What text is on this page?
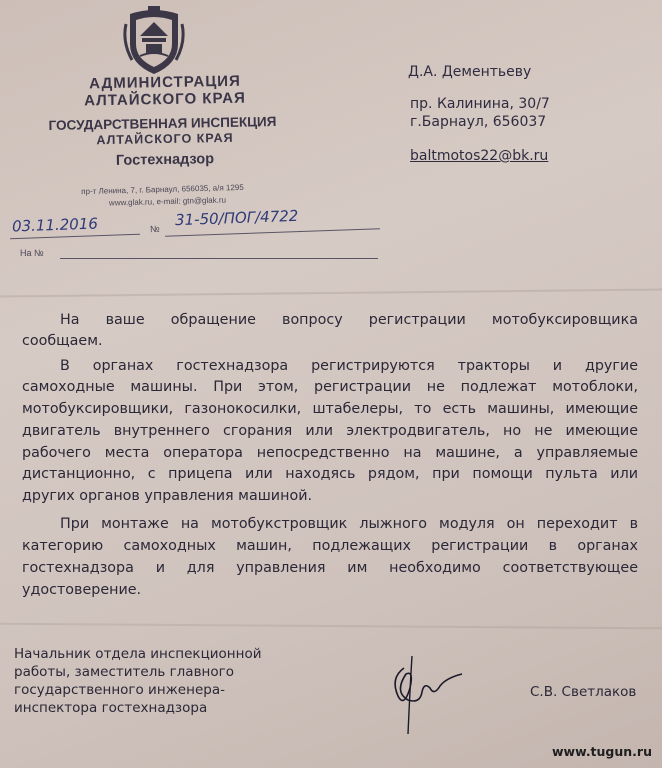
АДМИНИСТРАЦИЯ
АЛТАЙСКОГО КРАЯ
ГОСУДАРСТВЕННАЯ ИНСПЕКЦИЯ
АЛТАЙСКОГО КРАЯ
Гостехнадзор
пр-т Ленина, 7, г. Барнаул, 656035, а/я 1295
www.glak.ru, e-mail: gtn@glak.ru
03.11.2016	№ 31-50/ПОГ/4722
На №
Д.А. Дементьеву
пр. Калинина, 30/7
г.Барнаул, 656037
baltmotos22@bk.ru
На ваше обращение вопросу регистрации мотобуксировщика
сообщаем.
В органах гостехнадзора регистрируются тракторы и другие
самоходные машины. При этом, регистрации не подлежат мотоблоки,
мотобуксировщики, газонокосилки, штабелеры, то есть машины, имеющие
двигатель внутреннего сгорания или электродвигатель, но не имеющие
рабочего места оператора непосредственно на машине, а управляемые
дистанционно, с прицепа или находясь рядом, при помощи пульта или
других органов управления машиной.
При монтаже на мотобукстровщик лыжного модуля он переходит в
категорию самоходных машин, подлежащих регистрации в органах
гостехнадзора и для управления им необходимо соответствующее
удостоверение.
Начальник отдела инспекционной
работы, заместитель главного
государственного инженера-
инспектора гостехнадзора
С.В. Светлаков
www.tugun.ru
